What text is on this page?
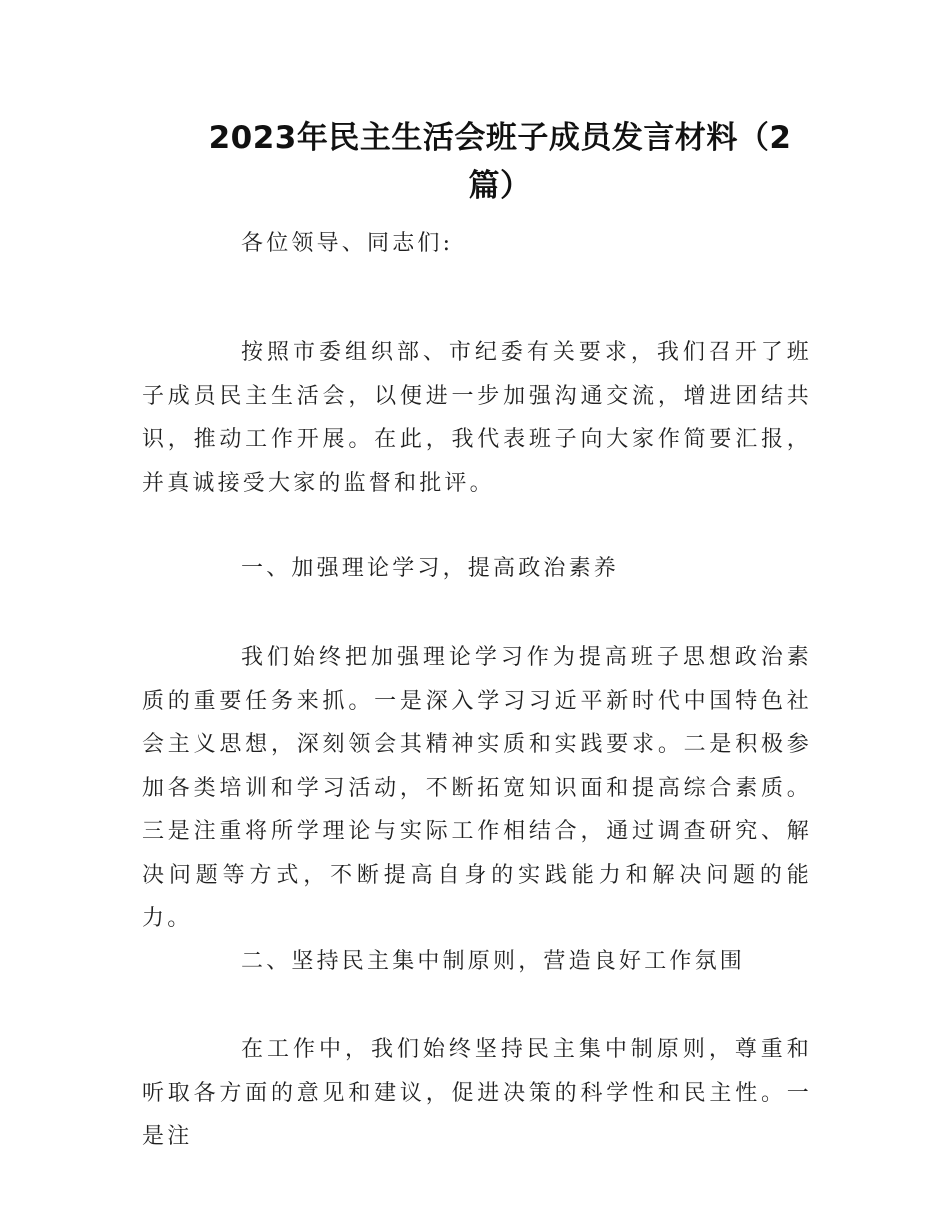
2023年民主生活会班子成员发言材料（2篇）

各位领导、同志们:

按照市委组织部、市纪委有关要求，我们召开了班子成员民主生活会，以便进一步加强沟通交流，增进团结共识，推动工作开展。在此，我代表班子向大家作简要汇报，并真诚接受大家的监督和批评。

一、加强理论学习，提高政治素养

我们始终把加强理论学习作为提高班子思想政治素质的重要任务来抓。一是深入学习习近平新时代中国特色社会主义思想，深刻领会其精神实质和实践要求。二是积极参加各类培训和学习活动，不断拓宽知识面和提高综合素质。三是注重将所学理论与实际工作相结合，通过调查研究、解决问题等方式，不断提高自身的实践能力和解决问题的能力。

二、坚持民主集中制原则，营造良好工作氛围

在工作中，我们始终坚持民主集中制原则，尊重和听取各方面的意见和建议，促进决策的科学性和民主性。一是注
